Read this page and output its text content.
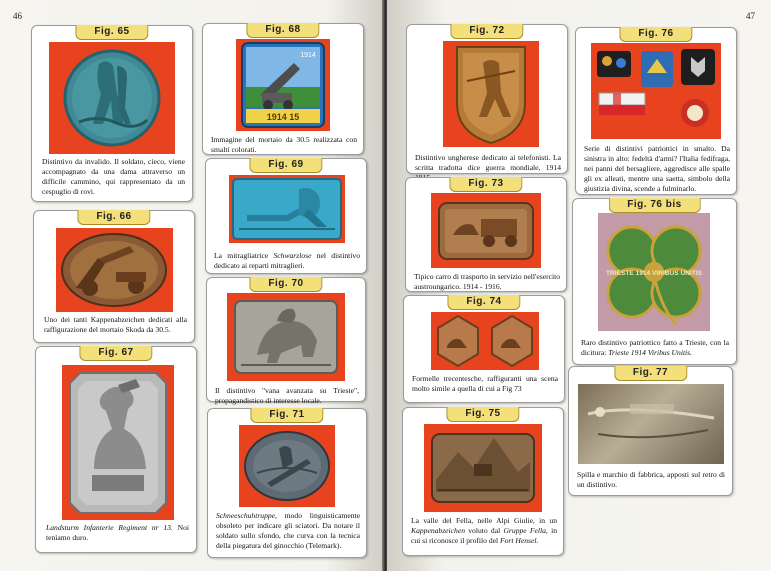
46
Fig. 65
Distintivo da invalido. Il soldato, cieco, viene accompagnato da una dama attraverso un difficile cammino, qui rappresentato da un cespuglio di rovi.
Fig. 66
Uno dei tanti Kappenabzeichen dedicati alla raffigurazione del mortaio Skoda da 30.5.
Fig. 67
Landsturm Infanterie Regiment nr 13. Noi teniamo duro.
Fig. 68
1914 15
1914
Immagine del mortaio da 30.5 realizzata con smalti colorati.
Fig. 69
La mitragliatrice Schwarzlose nel distintivo dedicato ai reparti mitraglieri.
Fig. 70
Il distintivo "vana avanzata su Trieste", propagandistico di interesse locale.
Fig. 71
Schneeschuhtruppe, modo linguisticamente obsoleto per indicare gli sciatori. Da notare il soldato sullo sfondo, che curva con la tecnica della piegatura del ginocchio (Telemark).
47
Fig. 72
Distintivo ungherese dedicato ai telefonisti. La scritta tradotta dice guerra mondiale, 1914
Fig. 73
Tipico carro di trasporto in servizio nell'esercito austroungarico. 1914 - 1916.
Fig. 74
Formelle trecentesche, raffiguranti una scena molto simile a quella di cui a Fig 73
Fig. 75
La valle del Fella, nelle Alpi Giulie, in un Kappenabzeichen voluto dal Gruppe Fella, in cui si riconosce il profilo del Fort Hensel.
Fig. 76
Serie di distintivi patriottici in smalto. Da sinistra in alto: fedeltà d'armi? l'Italia fedifraga, nei panni del bersagliere, aggredisce alle spalle gli ex alleati, mentre una saetta, simbolo della giustizia divina, scende a fulminarlo.
Fig. 76 bis
TRIESTE 1914 VIRIBUS UNITIS
Raro distintivo patriottico fatto a Trieste, con la dicitura: Trieste 1914 Viribus Unitis.
Fig. 77
Spilla e marchio di fabbrica, apposti sul retro di un distintivo.
